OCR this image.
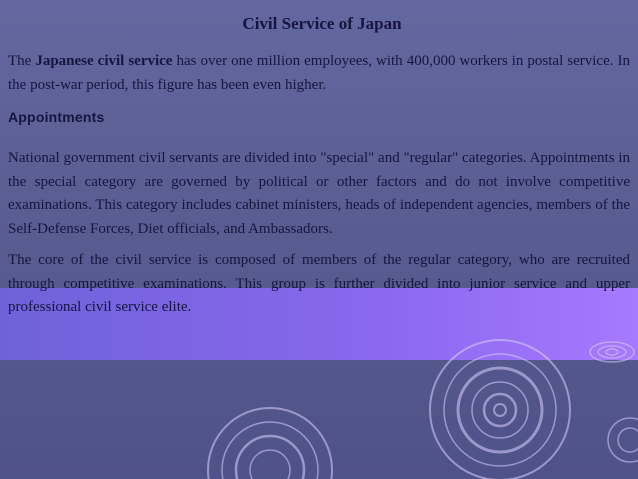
Civil Service of Japan

The Japanese civil service has over one million employees, with 400,000 workers in postal service. In the post-war period, this figure has been even higher.

Appointments

National government civil servants are divided into "special" and "regular" categories. Appointments in the special category are governed by political or other factors and do not involve competitive examinations. This category includes cabinet ministers, heads of independent agencies, members of the Self-Defense Forces, Diet officials, and Ambassadors.

The core of the civil service is composed of members of the regular category, who are recruited through competitive examinations. This group is further divided into junior service and upper professional civil service elite.
